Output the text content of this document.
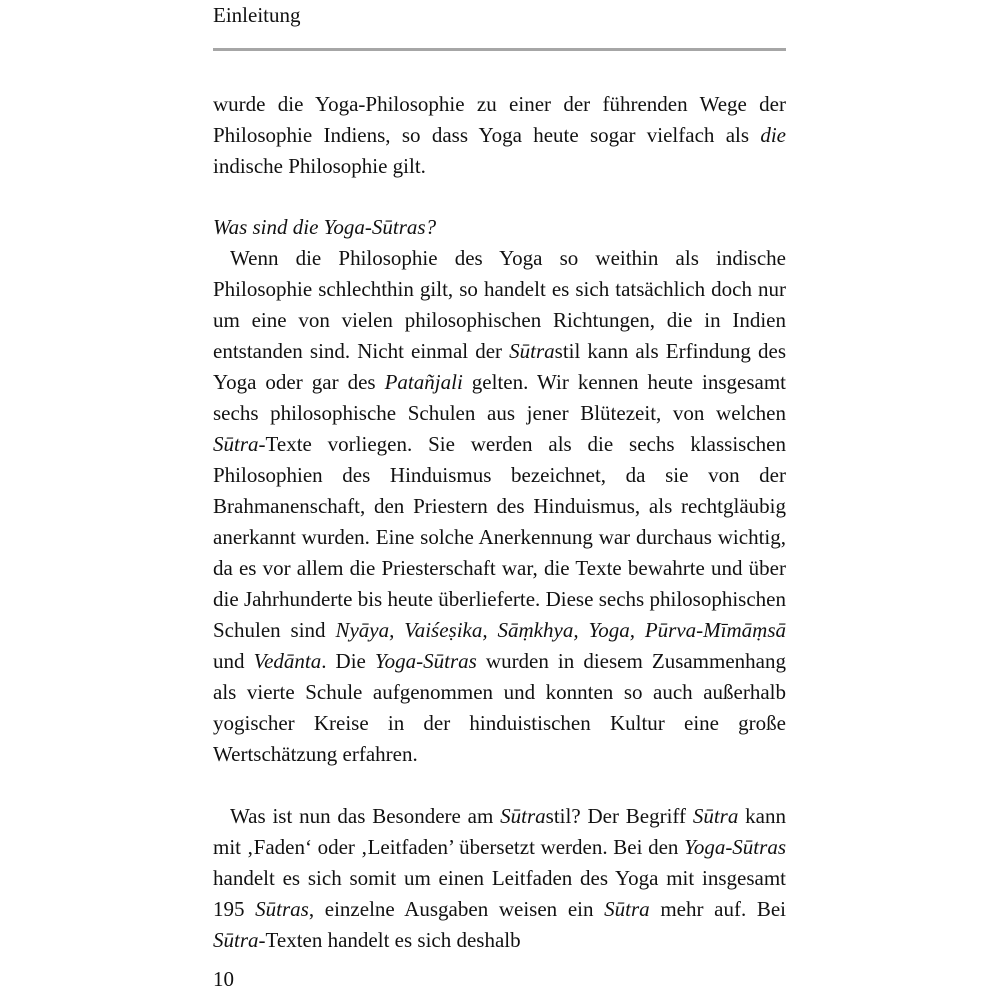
Einleitung

wurde die Yoga-Philosophie zu einer der führenden Wege der Philosophie Indiens, so dass Yoga heute sogar vielfach als die indische Philosophie gilt.

Was sind die Yoga-Sūtras?

Wenn die Philosophie des Yoga so weithin als indische Philosophie schlechthin gilt, so handelt es sich tatsächlich doch nur um eine von vielen philosophischen Richtungen, die in Indien entstanden sind. Nicht einmal der Sūtrastil kann als Erfindung des Yoga oder gar des Patañjali gelten. Wir kennen heute insgesamt sechs philosophische Schulen aus jener Blütezeit, von welchen Sūtra-Texte vorliegen. Sie werden als die sechs klassischen Philosophien des Hinduismus bezeichnet, da sie von der Brahmanenschaft, den Priestern des Hinduismus, als rechtgläubig anerkannt wurden. Eine solche Anerkennung war durchaus wichtig, da es vor allem die Priesterschaft war, die Texte bewahrte und über die Jahrhunderte bis heute überlieferte. Diese sechs philosophischen Schulen sind Nyāya, Vaiśeṣika, Sāṃkhya, Yoga, Pūrva-Mīmāṃsā und Vedānta. Die Yoga-Sūtras wurden in diesem Zusammenhang als vierte Schule aufgenommen und konnten so auch außerhalb yogischer Kreise in der hinduistischen Kultur eine große Wertschätzung erfahren.

Was ist nun das Besondere am Sūtrastil? Der Begriff Sūtra kann mit ‚Faden‘ oder ‚Leitfaden’ übersetzt werden. Bei den Yoga-Sūtras handelt es sich somit um einen Leitfaden des Yoga mit insgesamt 195 Sūtras, einzelne Ausgaben weisen ein Sūtra mehr auf. Bei Sūtra-Texten handelt es sich deshalb

10
